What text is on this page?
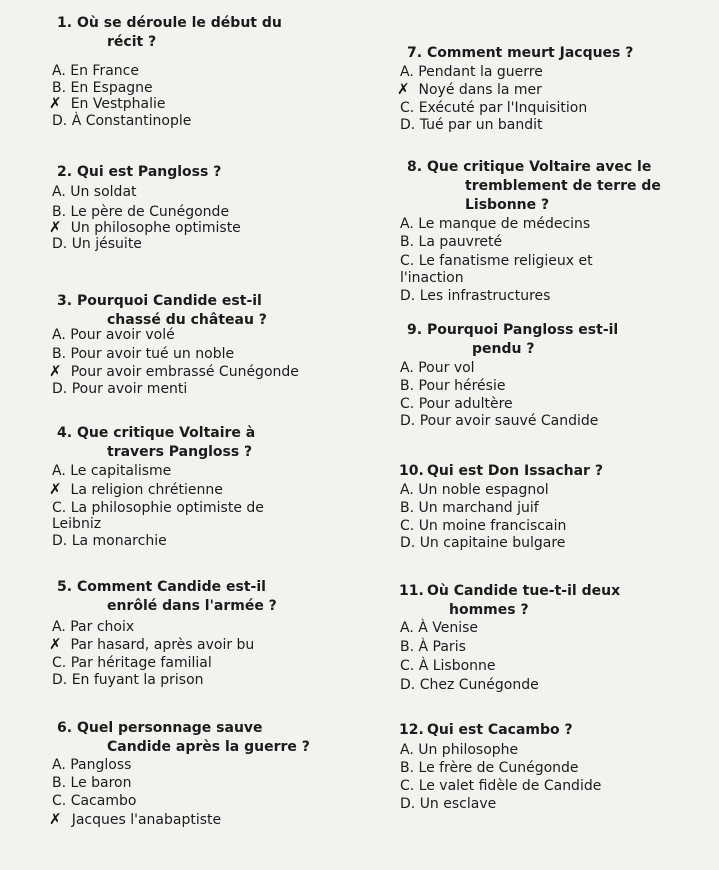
1. Où se déroule le début du
récit ?
A. En France
B. En Espagne
✗ En Vestphalie
D. À Constantinople
2. Qui est Pangloss ?
A. Un soldat
B. Le père de Cunégonde
✗ Un philosophe optimiste
D. Un jésuite
3. Pourquoi Candide est-il
chassé du château ?
A. Pour avoir volé
B. Pour avoir tué un noble
✗ Pour avoir embrassé Cunégonde
D. Pour avoir menti
4. Que critique Voltaire à
travers Pangloss ?
A. Le capitalisme
✗ La religion chrétienne
C. La philosophie optimiste de
Leibniz
D. La monarchie
5. Comment Candide est-il
enrôlé dans l'armée ?
A. Par choix
✗ Par hasard, après avoir bu
C. Par héritage familial
D. En fuyant la prison
6. Quel personnage sauve
Candide après la guerre ?
A. Pangloss
B. Le baron
C. Cacambo
✗ Jacques l'anabaptiste
7. Comment meurt Jacques ?
A. Pendant la guerre
✗ Noyé dans la mer
C. Exécuté par l'Inquisition
D. Tué par un bandit
8. Que critique Voltaire avec le
tremblement de terre de
Lisbonne ?
A. Le manque de médecins
B. La pauvreté
C. Le fanatisme religieux et
l'inaction
D. Les infrastructures
9. Pourquoi Pangloss est-il
pendu ?
A. Pour vol
B. Pour hérésie
C. Pour adultère
D. Pour avoir sauvé Candide
10. Qui est Don Issachar ?
A. Un noble espagnol
B. Un marchand juif
C. Un moine franciscain
D. Un capitaine bulgare
11. Où Candide tue-t-il deux
hommes ?
A. À Venise
B. À Paris
C. À Lisbonne
D. Chez Cunégonde
12. Qui est Cacambo ?
A. Un philosophe
B. Le frère de Cunégonde
C. Le valet fidèle de Candide
D. Un esclave
